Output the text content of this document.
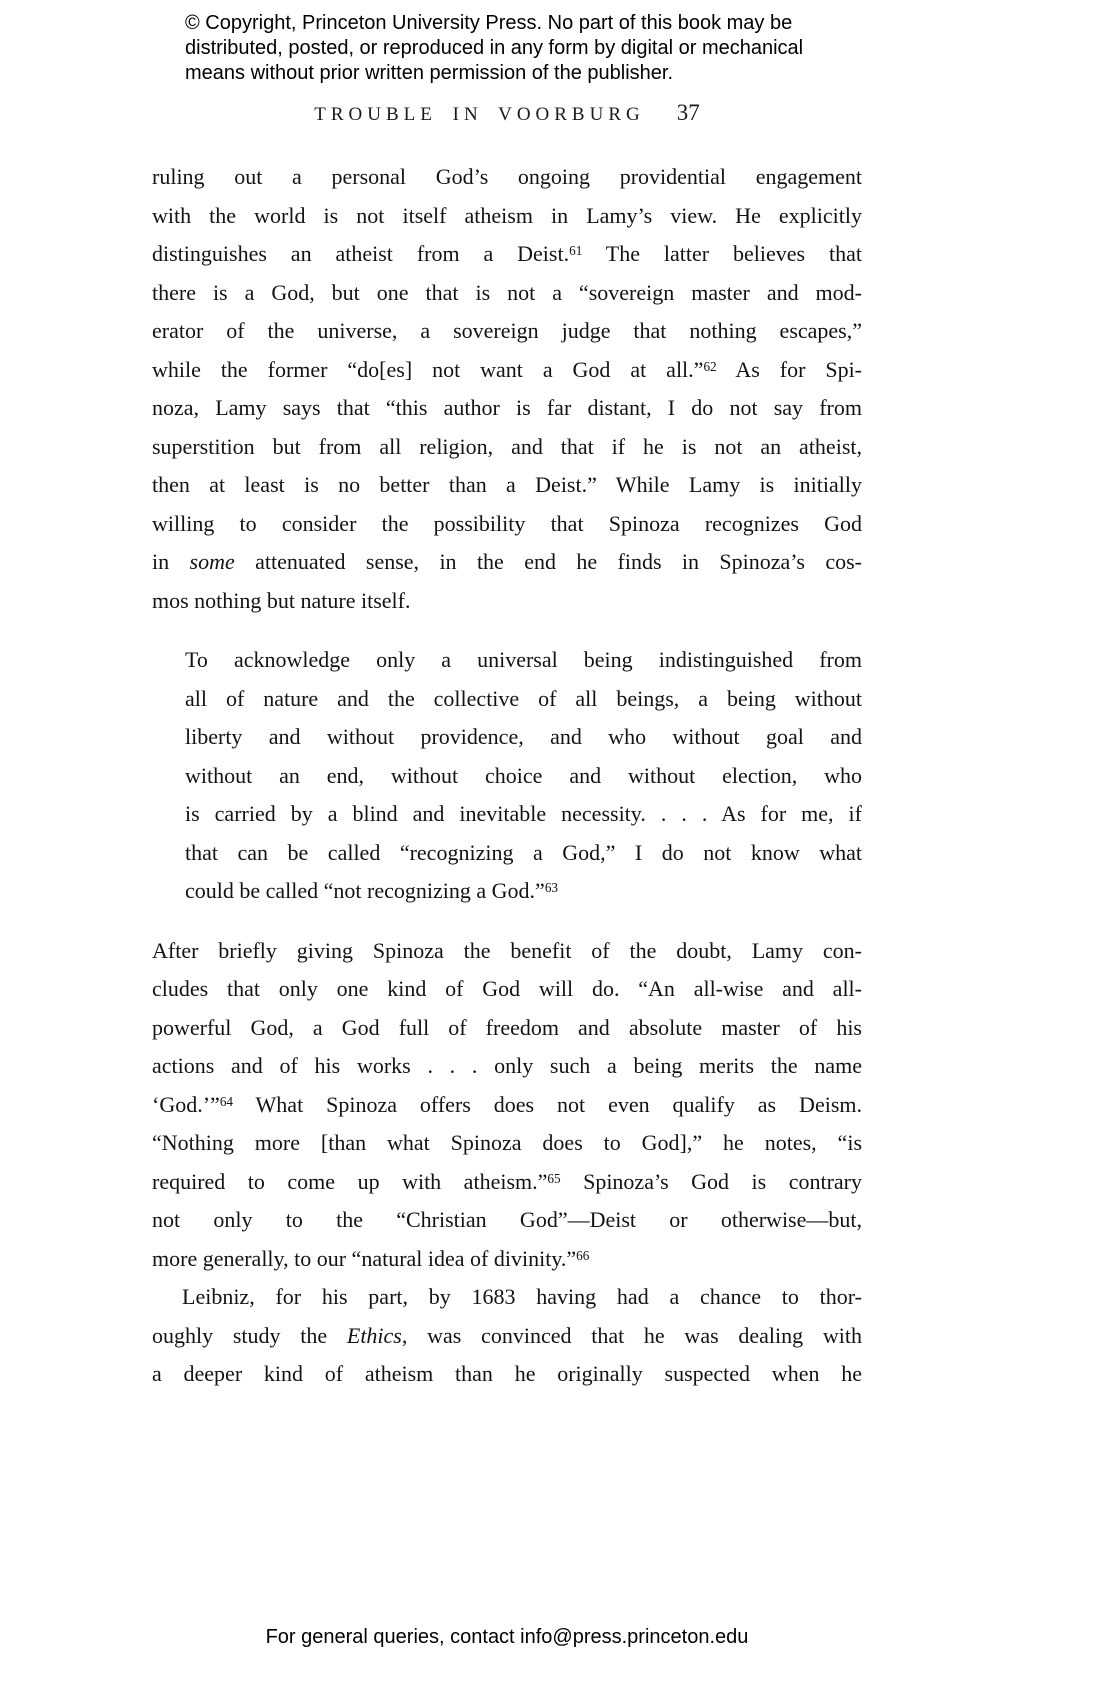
© Copyright, Princeton University Press. No part of this book may be
distributed, posted, or reproduced in any form by digital or mechanical
means without prior written permission of the publisher.
TROUBLE IN VOORBURG 37
ruling out a personal God’s ongoing providential engagement
with the world is not itself atheism in Lamy’s view. He explicitly
distinguishes an atheist from a Deist.$^{61}$ The latter believes that
there is a God, but one that is not a “sovereign master and mod-
erator of the universe, a sovereign judge that nothing escapes,”
while the former “do[es] not want a God at all.”$^{62}$ As for Spi-
noza, Lamy says that “this author is far distant, I do not say from
superstition but from all religion, and that if he is not an atheist,
then at least is no better than a Deist.” While Lamy is initially
willing to consider the possibility that Spinoza recognizes God
in some attenuated sense, in the end he finds in Spinoza’s cos-
mos nothing but nature itself.
To acknowledge only a universal being indistinguished from
all of nature and the collective of all beings, a being without
liberty and without providence, and who without goal and
without an end, without choice and without election, who
is carried by a blind and inevitable necessity. . . . As for me, if
that can be called “recognizing a God,” I do not know what
could be called “not recognizing a God.”$^{63}$
After briefly giving Spinoza the benefit of the doubt, Lamy con-
cludes that only one kind of God will do. “An all-wise and all-
powerful God, a God full of freedom and absolute master of his
actions and of his works . . . only such a being merits the name
‘God.’”$^{64}$ What Spinoza offers does not even qualify as Deism.
“Nothing more [than what Spinoza does to God],” he notes, “is
required to come up with atheism.”$^{65}$ Spinoza’s God is contrary
not only to the “Christian God”—Deist or otherwise—but,
more generally, to our “natural idea of divinity.”$^{66}$
Leibniz, for his part, by 1683 having had a chance to thor-
oughly study the Ethics, was convinced that he was dealing with
a deeper kind of atheism than he originally suspected when he
For general queries, contact info@press.princeton.edu
